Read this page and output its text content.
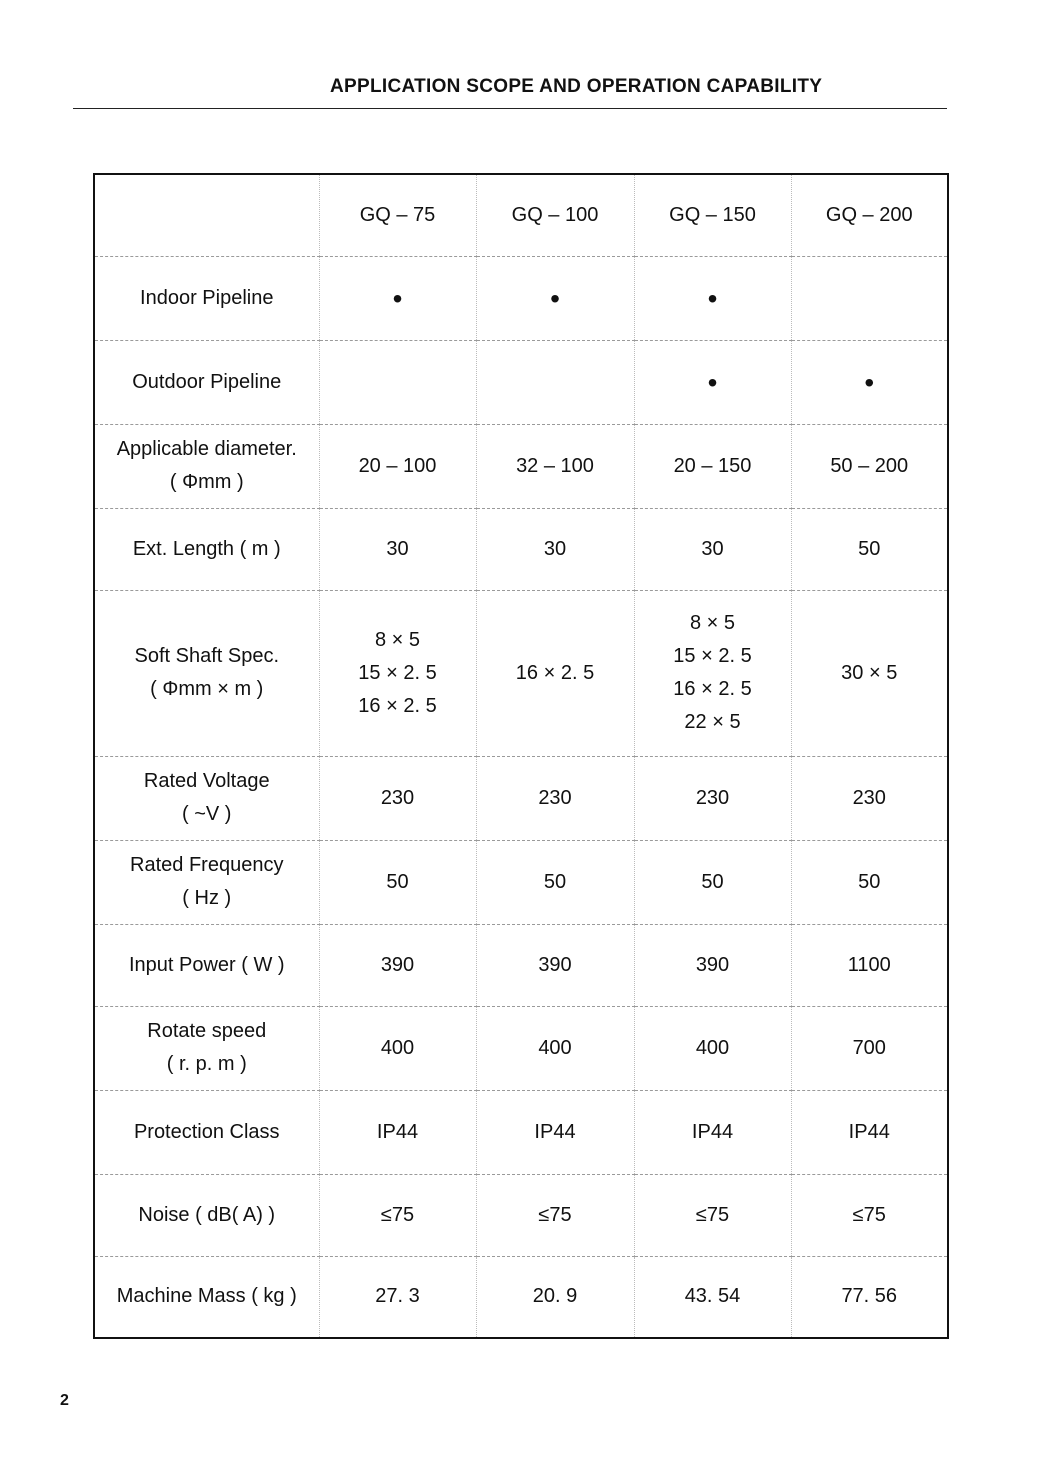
APPLICATION SCOPE AND OPERATION CAPABILITY
	GQ – 75	GQ – 100	GQ – 150	GQ – 200

Indoor Pipeline	•	•	•	

Outdoor Pipeline			•	•

Applicable diameter.
( Φmm )	20 – 100	32 – 100	20 – 150	50 – 200

Ext. Length ( m )	30	30	30	50

Soft Shaft Spec.
( Φmm × m )	8 × 5
15 × 2. 5
16 × 2. 5	16 × 2. 5	8 × 5
15 × 2. 5
16 × 2. 5
22 × 5	30 × 5

Rated Voltage
( ~V )	230	230	230	230

Rated Frequency
( Hz )	50	50	50	50

Input Power ( W )	390	390	390	1100

Rotate speed
( r. p. m )	400	400	400	700

Protection Class	IP44	IP44	IP44	IP44

Noise ( dB( A) )	≤75	≤75	≤75	≤75

Machine Mass ( kg )	27. 3	20. 9	43. 54	77. 56
2
